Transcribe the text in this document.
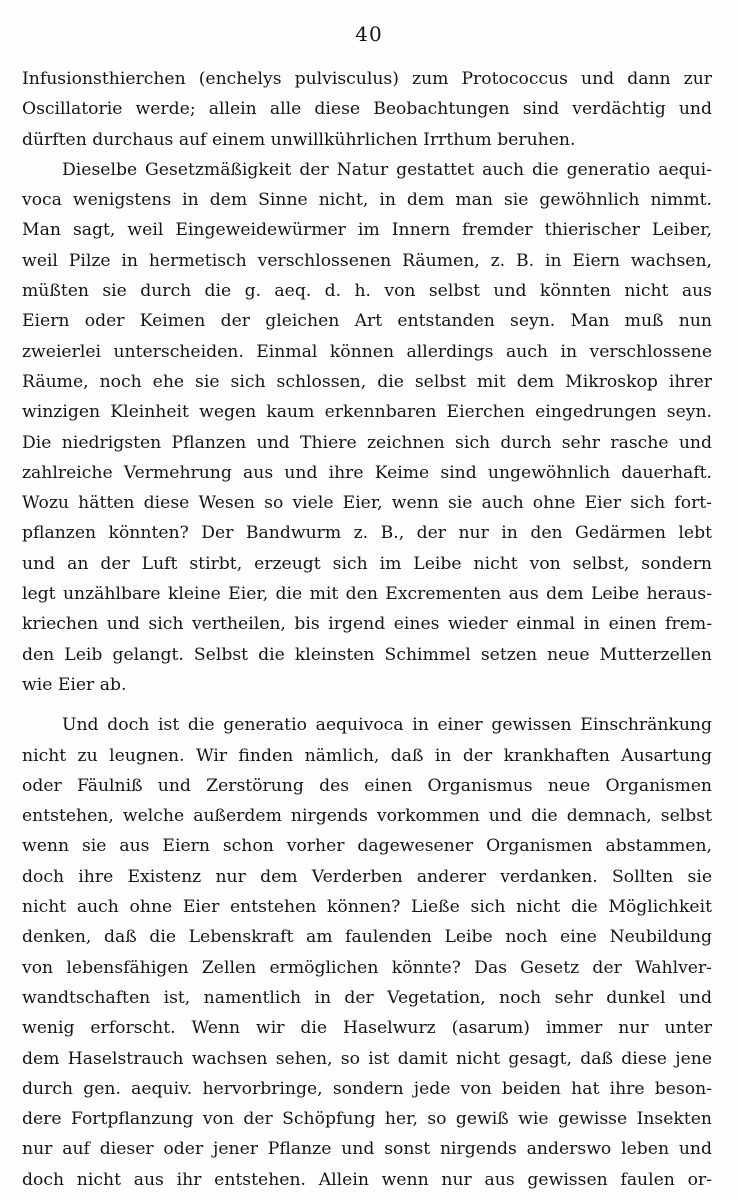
40
Infusionsthierchen (enchelys pulvisculus) zum Protococcus und dann zur
Oscillatorie werde; allein alle diese Beobachtungen sind verdächtig und
dürften durchaus auf einem unwillkührlichen Irrthum beruhen.
Dieselbe Gesetzmäßigkeit der Natur gestattet auch die generatio aequi-
voca wenigstens in dem Sinne nicht, in dem man sie gewöhnlich nimmt.
Man sagt, weil Eingeweidewürmer im Innern fremder thierischer Leiber,
weil Pilze in hermetisch verschlossenen Räumen, z. B. in Eiern wachsen,
müßten sie durch die g. aeq. d. h. von selbst und könnten nicht aus
Eiern oder Keimen der gleichen Art entstanden seyn. Man muß nun
zweierlei unterscheiden. Einmal können allerdings auch in verschlossene
Räume, noch ehe sie sich schlossen, die selbst mit dem Mikroskop ihrer
winzigen Kleinheit wegen kaum erkennbaren Eierchen eingedrungen seyn.
Die niedrigsten Pflanzen und Thiere zeichnen sich durch sehr rasche und
zahlreiche Vermehrung aus und ihre Keime sind ungewöhnlich dauerhaft.
Wozu hätten diese Wesen so viele Eier, wenn sie auch ohne Eier sich fort-
pflanzen könnten? Der Bandwurm z. B., der nur in den Gedärmen lebt
und an der Luft stirbt, erzeugt sich im Leibe nicht von selbst, sondern
legt unzählbare kleine Eier, die mit den Excrementen aus dem Leibe heraus-
kriechen und sich vertheilen, bis irgend eines wieder einmal in einen frem-
den Leib gelangt. Selbst die kleinsten Schimmel setzen neue Mutterzellen
wie Eier ab.
Und doch ist die generatio aequivoca in einer gewissen Einschränkung
nicht zu leugnen. Wir finden nämlich, daß in der krankhaften Ausartung
oder Fäulniß und Zerstörung des einen Organismus neue Organismen
entstehen, welche außerdem nirgends vorkommen und die demnach, selbst
wenn sie aus Eiern schon vorher dagewesener Organismen abstammen,
doch ihre Existenz nur dem Verderben anderer verdanken. Sollten sie
nicht auch ohne Eier entstehen können? Ließe sich nicht die Möglichkeit
denken, daß die Lebenskraft am faulenden Leibe noch eine Neubildung
von lebensfähigen Zellen ermöglichen könnte? Das Gesetz der Wahlver-
wandtschaften ist, namentlich in der Vegetation, noch sehr dunkel und
wenig erforscht. Wenn wir die Haselwurz (asarum) immer nur unter
dem Haselstrauch wachsen sehen, so ist damit nicht gesagt, daß diese jene
durch gen. aequiv. hervorbringe, sondern jede von beiden hat ihre beson-
dere Fortpflanzung von der Schöpfung her, so gewiß wie gewisse Insekten
nur auf dieser oder jener Pflanze und sonst nirgends anderswo leben und
doch nicht aus ihr entstehen. Allein wenn nur aus gewissen faulen or-
